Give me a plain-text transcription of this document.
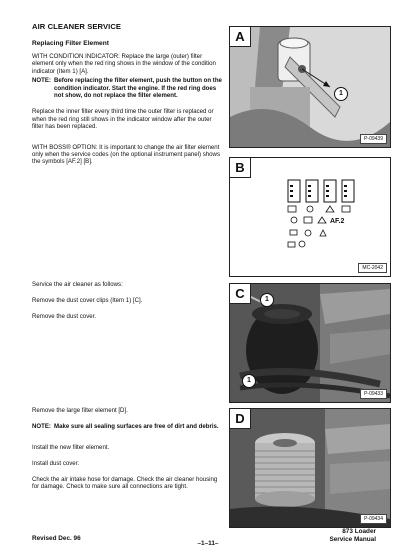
AIR CLEANER SERVICE
Replacing Filter Element

WITH CONDITION INDICATOR: Replace the large (outer) filter element only when the red ring shows in the window of the condition indicator (Item 1) [A].

NOTE: Before replacing the filter element, push the button on the condition indicator. Start the engine. If the red ring does not show, do not replace the filter element.

Replace the inner filter every third time the outer filter is replaced or when the red ring still shows in the indicator window after the outer filter has been replaced.

WITH BOSS® OPTION: It is important to change the air filter element only when the service codes (on the optional instrument panel) shows the symbols [AF.2] [B].

Service the air cleaner as follows:

Remove the dust cover clips (Item 1) [C].

Remove the dust cover.

Remove the large filter element [D].

NOTE: Make sure all sealing surfaces are free of dirt and debris.

Install the new filter element.

Install dust cover.

Check the air intake hose for damage. Check the air cleaner housing for damage. Check to make sure all connections are tight.

A
1
P-09439
B
AF.2
MC-2042
C	1
1
P-09433
D
P-09434
Revised Dec. 96
–1–11–
873 Loader
Service Manual
